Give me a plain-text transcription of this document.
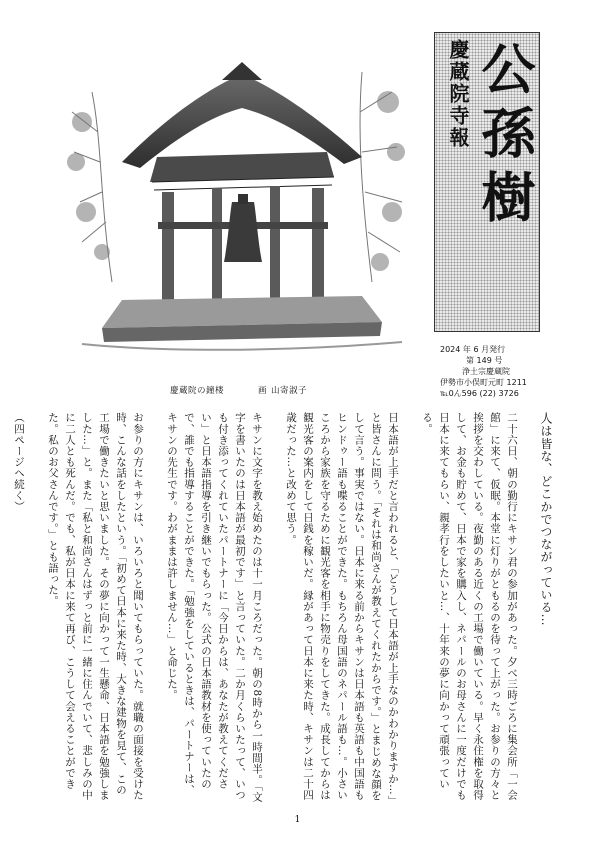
慶蔵院の鐘楼	画 山寄淑子
慶蔵院寺報 公孫樹
2024 年 6 月発行
第 149 号
浄土宗慶蔵院
伊勢市小俣町元町 1211
℡0ん596 (22) 3726

人は皆な、どこかでつながっている…

二十六日、朝の勤行にキサン君の参加があった。夕べ三時ごろに集会所「一会館」に来て、仮眠。本堂に灯りがともるのを待って上がった。お参りの方々と挨拶を交わしている。夜勤のある近くの工場で働いている。早く永住権を取得して、お金も貯めて、日本で家を購入し、ネパールのお母さんに一度だけでも日本に来てもらい、親孝行をしたいと…、十年来の夢に向かって頑張っている。

日本語が上手だと言われると、「どうして日本語が上手なのかわかりますか…」と皆さんに問う。「それは和尚さんが教えてくれたからです。」とまじめな顔をして言う。事実ではない。日本に来る前からキサンは日本語も英語も中国語もヒンドゥー語も喋ることができた。もちろん母国語のネパール語も…。小さいころから家族を守るために観光客を相手に物売りをしてきた。成長してからは観光客の案内をして日銭を稼いだ。縁があって日本に来た時、キサンは二十四歳だった…と改めて思う。

キサンに文字を教え始めたのは十一月ころだった。朝の8時から一時間半。「文字を書いたのは日本語が最初です」と言っていた。二か月くらいたって、いつも付き添ってくれていたパートナーに「今日からは、あなたが教えてください」と日本語指導を引き継いでもらった。公式の日本語教材を使っていたので、誰でも指導することができた。「勉強をしているときは、パートナーは、キサンの先生です。わがままは許しません…」と命じた。

お参りの方にキサンは、いろいろと聞いてもらっていた。就職の面接を受けた時、こんな話をしたという。「初めて日本に来た時、大きな建物を見て、この工場で働きたいと思いました。その夢に向かって一生懸命、日本語を勉強しました…」と。また「私と和尚さんはずっと前に一緒に住んでいて、悲しみの中に二人とも死んだ。でも、私が日本に来て再び、こうして会えることができた。私のお父さんです。」とも語った。

（四ページへ続く）

1
